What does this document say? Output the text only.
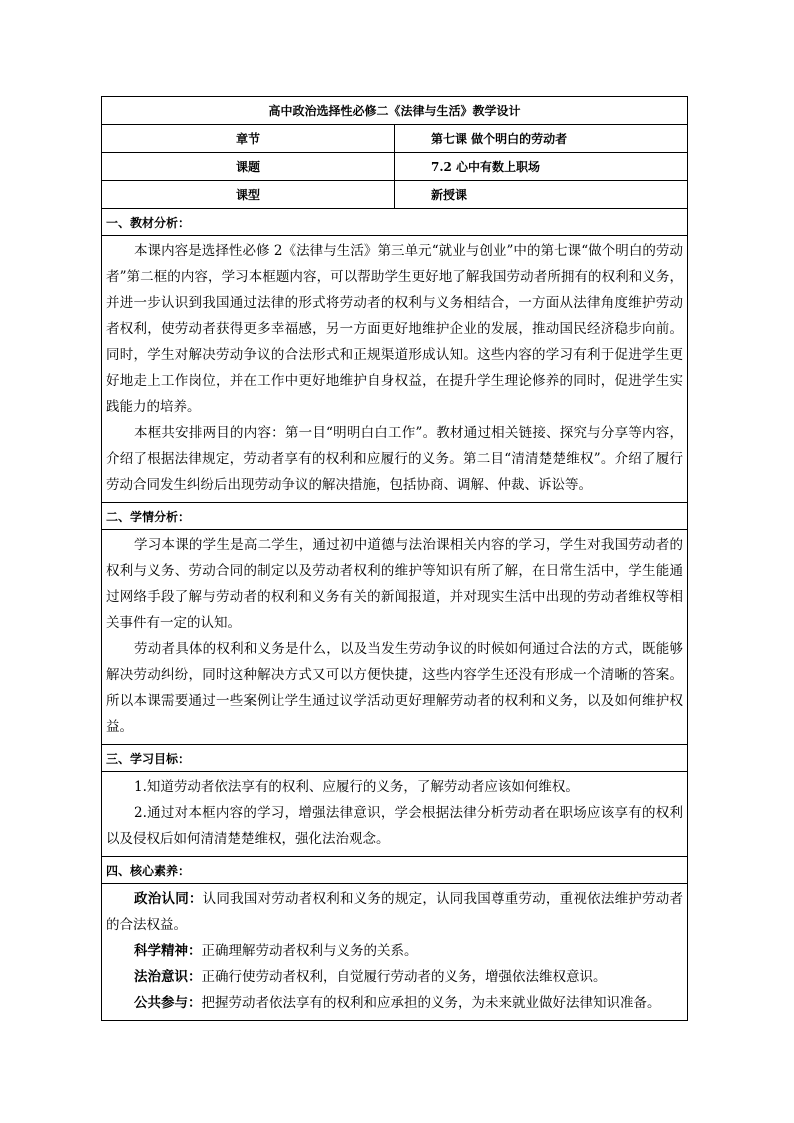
高中政治选择性必修二《法律与生活》教学设计	
章节	第七课 做个明白的劳动者
课题	7.2 心中有数上职场
课型	新授课
一、教材分析：	

本课内容是选择性必修 2《法律与生活》第三单元“就业与创业”中的第七课“做个明白的劳动者”第二框的内容，学习本框题内容，可以帮助学生更好地了解我国劳动者所拥有的权利和义务，并进一步认识到我国通过法律的形式将劳动者的权利与义务相结合，一方面从法律角度维护劳动者权利，使劳动者获得更多幸福感，另一方面更好地维护企业的发展，推动国民经济稳步向前。同时，学生对解决劳动争议的合法形式和正规渠道形成认知。这些内容的学习有利于促进学生更好地走上工作岗位，并在工作中更好地维护自身权益，在提升学生理论修养的同时，促进学生实践能力的培养。

本框共安排两目的内容：第一目“明明白白工作”。教材通过相关链接、探究与分享等内容，介绍了根据法律规定，劳动者享有的权利和应履行的义务。第二目“清清楚楚维权”。介绍了履行劳动合同发生纠纷后出现劳动争议的解决措施，包括协商、调解、仲裁、诉讼等。	

二、学情分析：	

学习本课的学生是高二学生，通过初中道德与法治课相关内容的学习，学生对我国劳动者的权利与义务、劳动合同的制定以及劳动者权利的维护等知识有所了解，在日常生活中，学生能通过网络手段了解与劳动者的权利和义务有关的新闻报道，并对现实生活中出现的劳动者维权等相关事件有一定的认知。

劳动者具体的权利和义务是什么，以及当发生劳动争议的时候如何通过合法的方式，既能够解决劳动纠纷，同时这种解决方式又可以方便快捷，这些内容学生还没有形成一个清晰的答案。所以本课需要通过一些案例让学生通过议学活动更好理解劳动者的权利和义务，以及如何维护权益。	

三、学习目标：	

1.知道劳动者依法享有的权利、应履行的义务，了解劳动者应该如何维权。

2.通过对本框内容的学习，增强法律意识，学会根据法律分析劳动者在职场应该享有的权利以及侵权后如何清清楚楚维权，强化法治观念。	

四、核心素养：	

政治认同：认同我国对劳动者权利和义务的规定，认同我国尊重劳动，重视依法维护劳动者的合法权益。

科学精神：正确理解劳动者权利与义务的关系。

法治意识：正确行使劳动者权利，自觉履行劳动者的义务，增强依法维权意识。

公共参与：把握劳动者依法享有的权利和应承担的义务，为未来就业做好法律知识准备。	
